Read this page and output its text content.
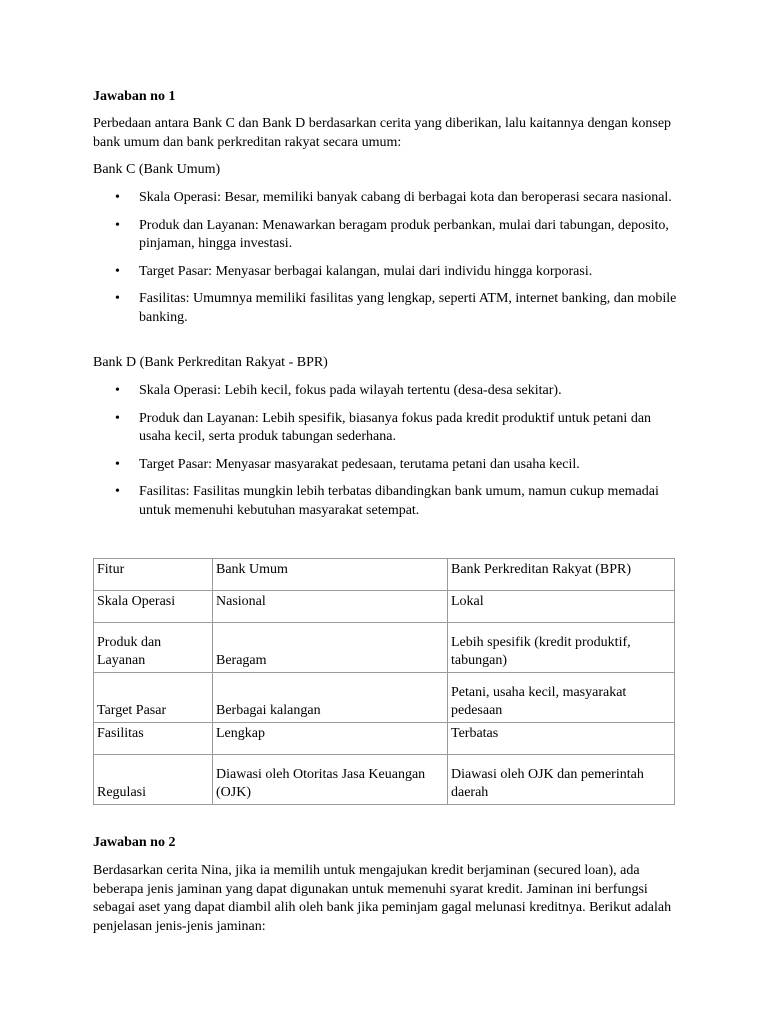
Jawaban no 1

Perbedaan antara Bank C dan Bank D berdasarkan cerita yang diberikan, lalu kaitannya dengan konsep bank umum dan bank perkreditan rakyat secara umum:

Bank C (Bank Umum)

• Skala Operasi: Besar, memiliki banyak cabang di berbagai kota dan beroperasi secara nasional.
• Produk dan Layanan: Menawarkan beragam produk perbankan, mulai dari tabungan, deposito, pinjaman, hingga investasi.
• Target Pasar: Menyasar berbagai kalangan, mulai dari individu hingga korporasi.
• Fasilitas: Umumnya memiliki fasilitas yang lengkap, seperti ATM, internet banking, dan mobile banking.

Bank D (Bank Perkreditan Rakyat - BPR)

• Skala Operasi: Lebih kecil, fokus pada wilayah tertentu (desa-desa sekitar).
• Produk dan Layanan: Lebih spesifik, biasanya fokus pada kredit produktif untuk petani dan usaha kecil, serta produk tabungan sederhana.
• Target Pasar: Menyasar masyarakat pedesaan, terutama petani dan usaha kecil.
• Fasilitas: Fasilitas mungkin lebih terbatas dibandingkan bank umum, namun cukup memadai untuk memenuhi kebutuhan masyarakat setempat.
Fitur	Bank Umum	Bank Perkreditan Rakyat (BPR)
Skala Operasi	Nasional	Lokal
Produk dan Layanan	Beragam	Lebih spesifik (kredit produktif, tabungan)
Target Pasar	Berbagai kalangan	Petani, usaha kecil, masyarakat pedesaan
Fasilitas	Lengkap	Terbatas
Regulasi	Diawasi oleh Otoritas Jasa Keuangan (OJK)	Diawasi oleh OJK dan pemerintah daerah

Jawaban no 2

Berdasarkan cerita Nina, jika ia memilih untuk mengajukan kredit berjaminan (secured loan), ada beberapa jenis jaminan yang dapat digunakan untuk memenuhi syarat kredit. Jaminan ini berfungsi sebagai aset yang dapat diambil alih oleh bank jika peminjam gagal melunasi kreditnya. Berikut adalah penjelasan jenis-jenis jaminan:
